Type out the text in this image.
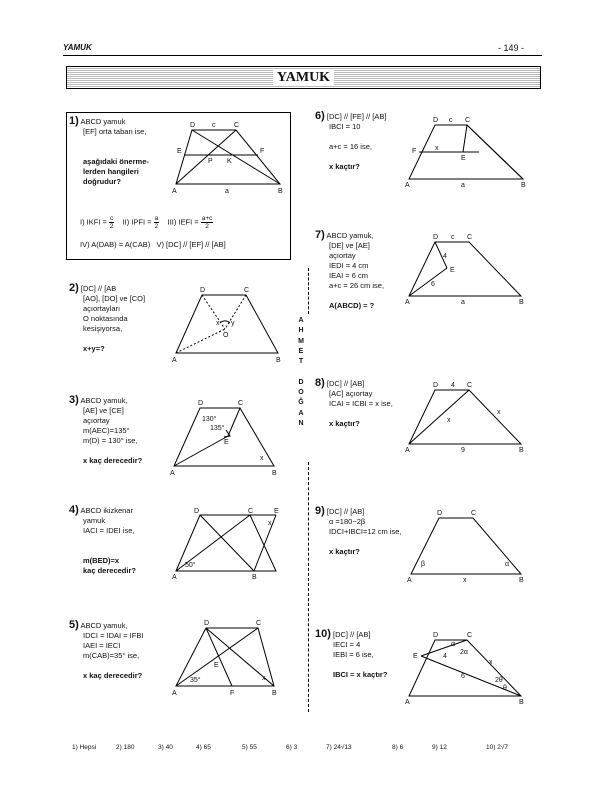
YAMUK	- 149 -
YAMUK
A
H
M
E
T

D
O
Ğ
A
N
1) ABCD yamuk
[EF] orta taban ise,

aşağıdaki önerme-
lerden hangileri
doğrudur?
I) IKFI = $\frac{c}{2} II$) IPFI = $\frac{a}{2} III$) IEFI = $\frac{a+c}{2}$
IV) A(DAB) = A(CAB)   V) [DC] // [EF] // [AB]
D c	C
E	F
P K
A	a	B
2) [DC] // [AB
[AO], [DO] ve [CO]
açıortayları
O noktasında
kesişiyorsa,

x+y=?
D	C
x y
O
A	B
3) ABCD yamuk,
[AE] ve [CE]
açıortay
m(AEC)=135°
m(D) = 130° ise,

x kaç derecedir?
D	C
130°
135°
E
x
A	B
4) ABCD ikizkenar
yamuk
IACI = IDEI ise,

m(BED)=x
kaç derecedir?
D	C	E
x
50°
A	B
5) ABCD yamuk,
IDCI = IDAI = IFBI
IAEI = IECI
m(CAB)=35° ise,

x kaç derecedir?
D	C
E
35°	x
A	F	B
6) [DC] // [FE] // [AB]
IBCI = 10

a+c = 16 ise,

x kaçtır?
D c C
F	x
E
A	a	B
7) ABCD yamuk,
[DE] ve [AE]
açıortay
IEDI = 4 cm
IEAI = 6 cm
a+c = 26 cm ise,

A(ABCD) = ?
D c C
4
E
6
A	a	B
8) [DC] // [AB]
[AC] açıortay
ICAI = ICBI = x ise,

x kaçtır?
D 4 C
x
x
A	9	B
9) [DC] // [AB]
α =180−2β
IDCI+IBCI=12 cm ise,

x kaçtır?
D	C
β	α
A	x	B
10) [DC] // [AB]
IECI = 4
IEBI = 6 ise,

IBCI = x kaçtır?
D	C
α
2α
E	4
x
6
2θ
θ
A	B
1) Hepsi	2) 180	3) 40	4) 65	5) 55	6) 3	7) 24√13	8) 6	9) 12	10) 2√7
